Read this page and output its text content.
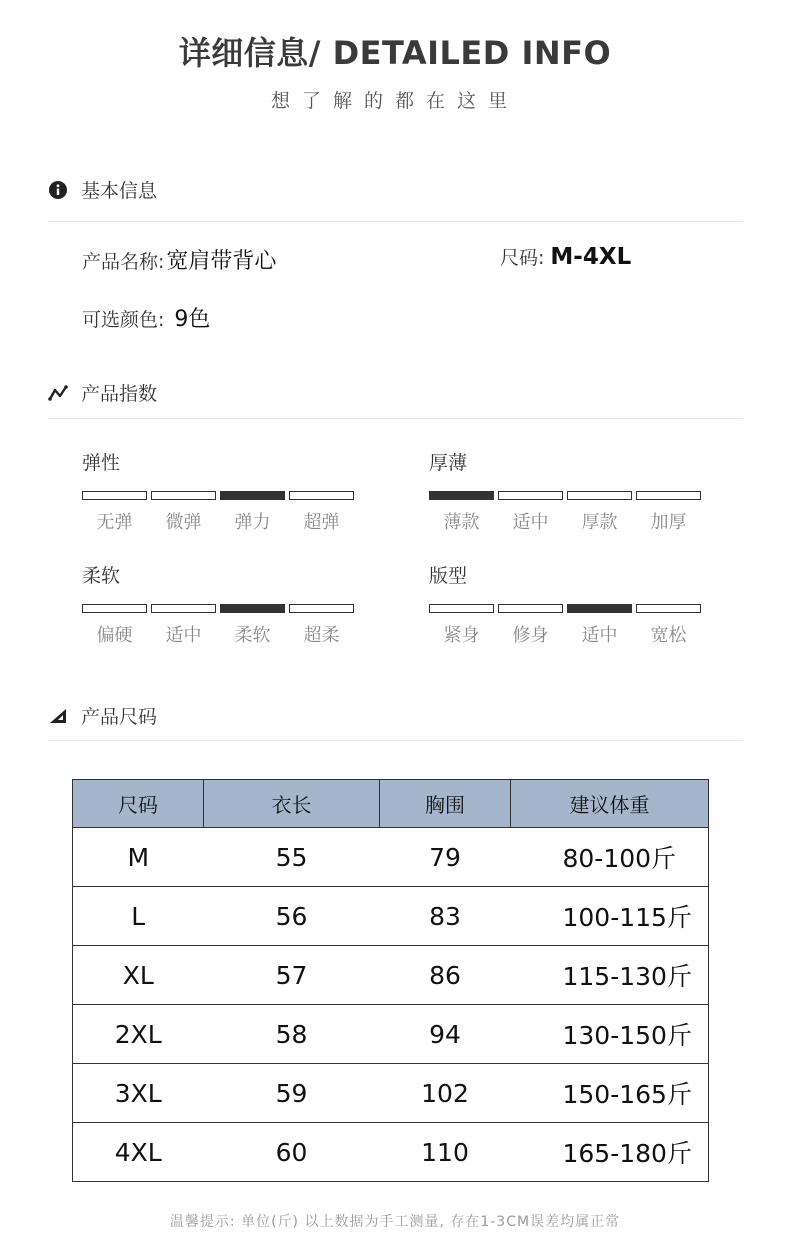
详细信息/ DETAILED INFO
想了解的都在这里
基本信息
产品名称: 宽肩带背心	尺码: M-4XL
可选颜色: 9色
产品指数
弹性
无弹	微弹	弹力	超弹
厚薄
薄款	适中	厚款	加厚
柔软
偏硬	适中	柔软	超柔
版型
紧身	修身	适中	宽松
产品尺码
尺码	衣长	胸围	建议体重
M	55	79	80-100斤
L	56	83	100-115斤
XL	57	86	115-130斤
2XL	58	94	130-150斤
3XL	59	102	150-165斤
4XL	60	110	165-180斤
温馨提示: 单位(斤) 以上数据为手工测量, 存在1-3CM误差均属正常
